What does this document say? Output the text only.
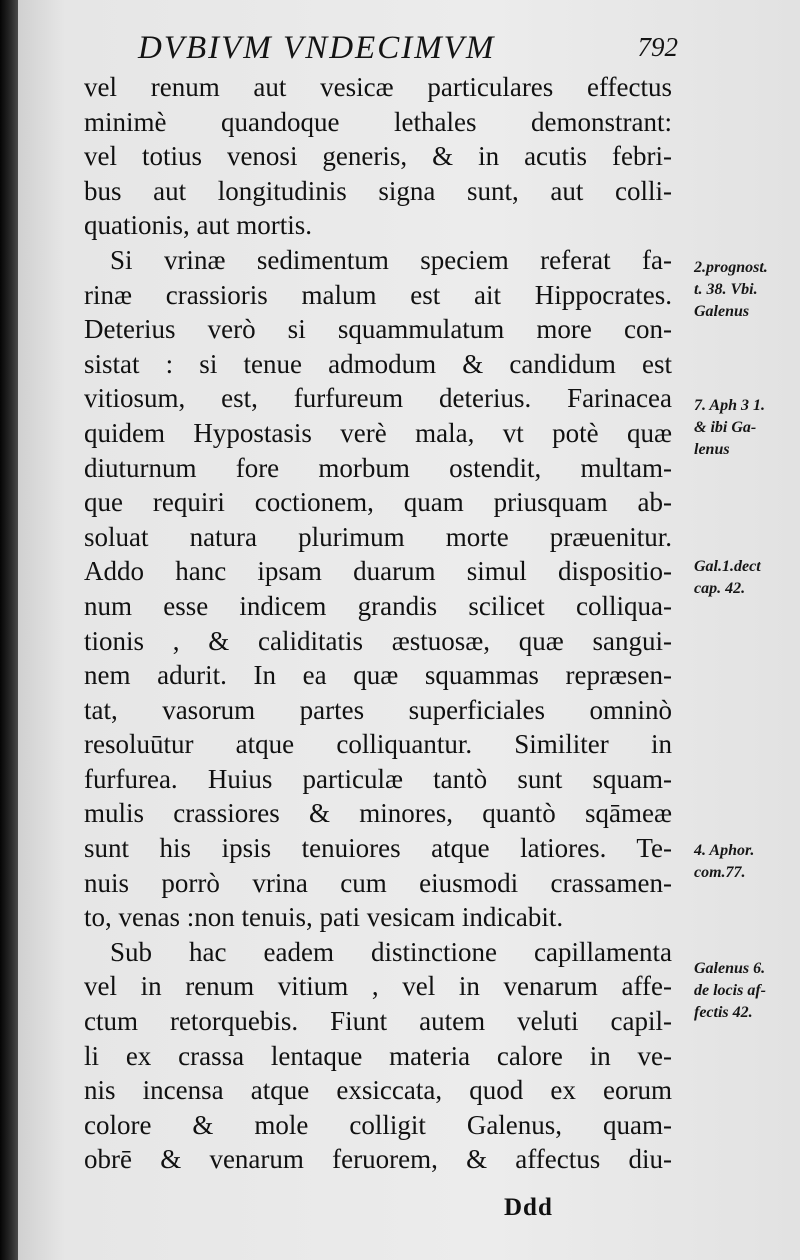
DVBIVM VNDECIMVM	792
vel renum aut vesicæ particulares effectus
minimè quandoque lethales demonstrant:
vel totius venosi generis, & in acutis febri-
bus aut longitudinis signa sunt, aut colli-
quationis, aut mortis.
Si vrinæ sedimentum speciem referat fa-
rinæ crassioris malum est ait Hippocrates.
Deterius verò si squammulatum more con-
sistat : si tenue admodum & candidum est
vitiosum, est, furfureum deterius. Farinacea
quidem Hypostasis verè mala, vt potè quæ
diuturnum fore morbum ostendit, multam-
que requiri coctionem, quam priusquam ab-
soluat natura plurimum morte præuenitur.
Addo hanc ipsam duarum simul dispositio-
num esse indicem grandis scilicet colliqua-
tionis , & caliditatis æstuosæ, quæ sangui-
nem adurit. In ea quæ squammas repræsen-
tat, vasorum partes superficiales omninò
resoluūtur atque colliquantur. Similiter in
furfurea. Huius particulæ tantò sunt squam-
mulis crassiores & minores, quantò sqāmeæ
sunt his ipsis tenuiores atque latiores. Te-
nuis porrò vrina cum eiusmodi crassamen-
to, venas :non tenuis, pati vesicam indicabit.
Sub hac eadem distinctione capillamenta
vel in renum vitium , vel in venarum affe-
ctum retorquebis. Fiunt autem veluti capil-
li ex crassa lentaque materia calore in ve-
nis incensa atque exsiccata, quod ex eorum
colore & mole colligit Galenus, quam-
obrē & venarum feruorem, & affectus diu-
2.prognost.
t. 38. Vbi.
Galenus
7. Aph 3 1.
& ibi Ga-
lenus
Gal.1.dect
cap. 42.
4. Aphor.
com.77.
Galenus 6.
de locis af-
fectis 42.
Ddd
